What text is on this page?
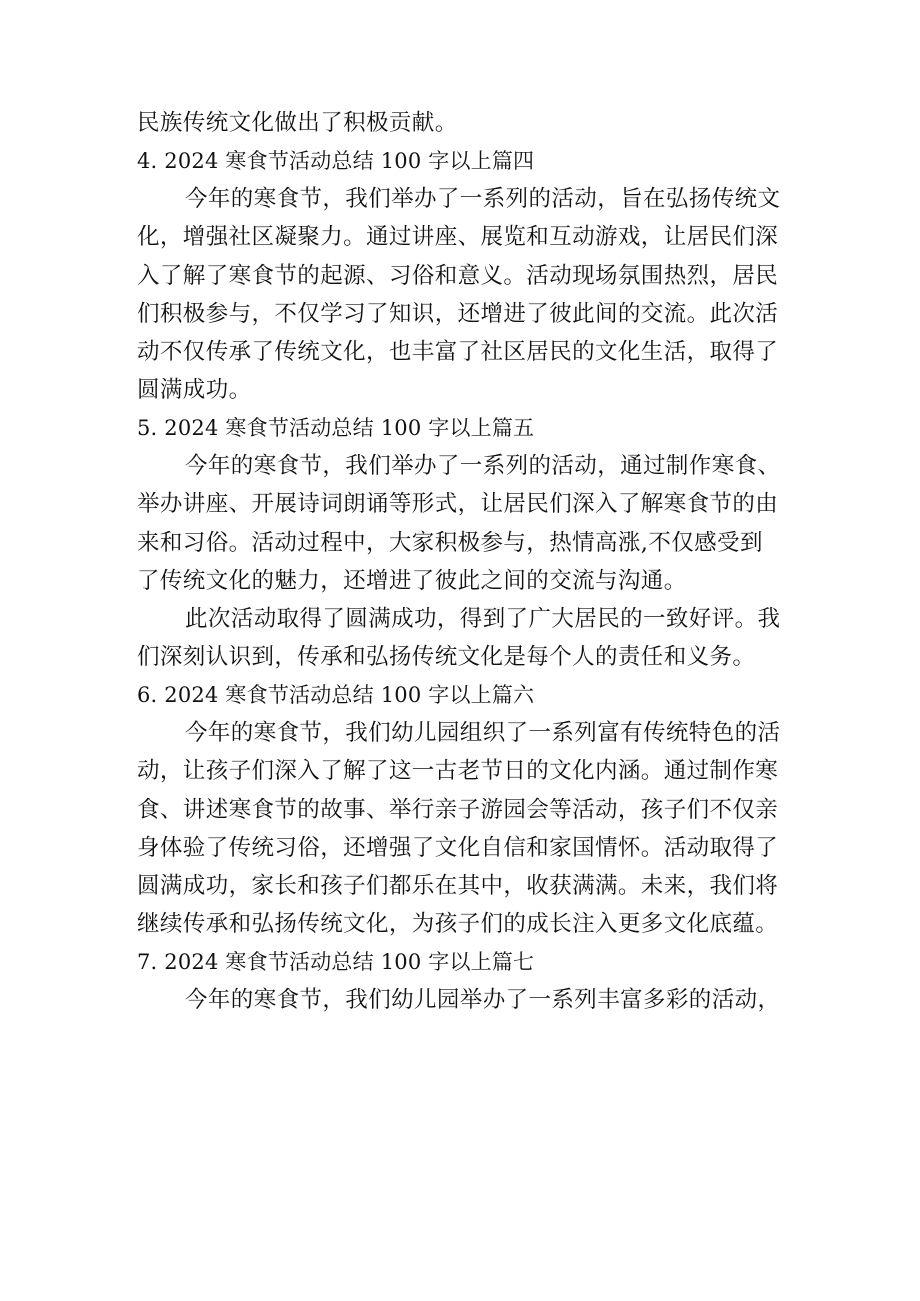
民族传统文化做出了积极贡献。
4. 2024 寒食节活动总结 100 字以上篇四
今年的寒食节，我们举办了一系列的活动，旨在弘扬传统文
化，增强社区凝聚力。通过讲座、展览和互动游戏，让居民们深
入了解了寒食节的起源、习俗和意义。活动现场氛围热烈，居民
们积极参与，不仅学习了知识，还增进了彼此间的交流。此次活
动不仅传承了传统文化，也丰富了社区居民的文化生活，取得了
圆满成功。
5. 2024 寒食节活动总结 100 字以上篇五
今年的寒食节，我们举办了一系列的活动，通过制作寒食、
举办讲座、开展诗词朗诵等形式，让居民们深入了解寒食节的由
来和习俗。活动过程中，大家积极参与，热情高涨,不仅感受到
了传统文化的魅力，还增进了彼此之间的交流与沟通。
此次活动取得了圆满成功，得到了广大居民的一致好评。我
们深刻认识到，传承和弘扬传统文化是每个人的责任和义务。
6. 2024 寒食节活动总结 100 字以上篇六
今年的寒食节，我们幼儿园组织了一系列富有传统特色的活
动，让孩子们深入了解了这一古老节日的文化内涵。通过制作寒
食、讲述寒食节的故事、举行亲子游园会等活动，孩子们不仅亲
身体验了传统习俗，还增强了文化自信和家国情怀。活动取得了
圆满成功，家长和孩子们都乐在其中，收获满满。未来，我们将
继续传承和弘扬传统文化，为孩子们的成长注入更多文化底蕴。
7. 2024 寒食节活动总结 100 字以上篇七
今年的寒食节，我们幼儿园举办了一系列丰富多彩的活动，
